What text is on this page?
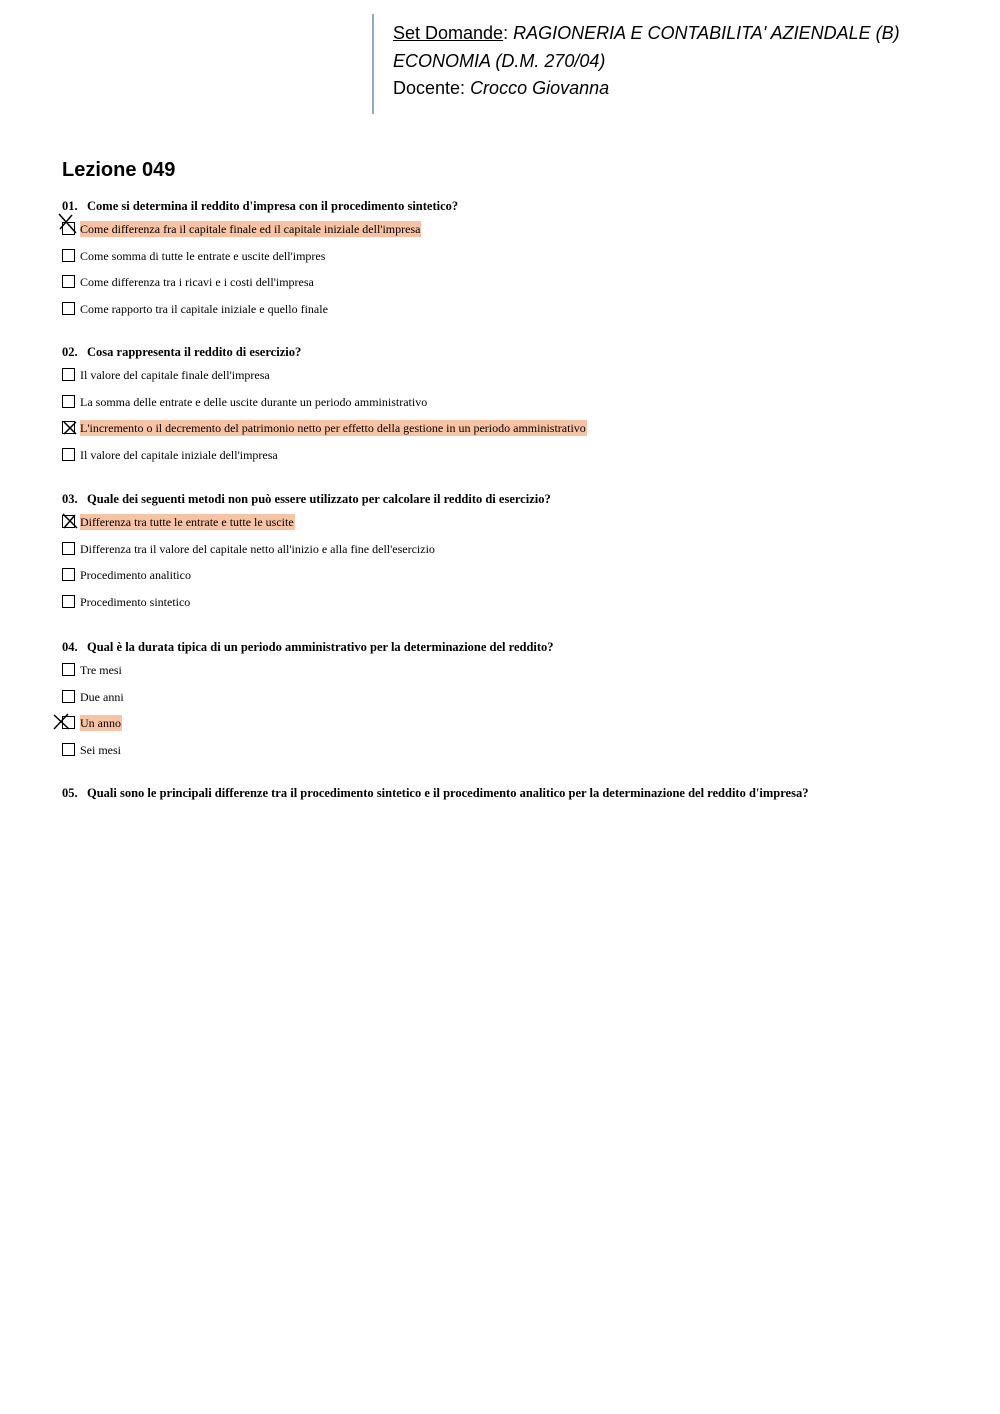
Set Domande: RAGIONERIA E CONTABILITA' AZIENDALE (B)
ECONOMIA (D.M. 270/04)
Docente: Crocco Giovanna
Lezione 049
01. Come si determina il reddito d'impresa con il procedimento sintetico?
Come differenza fra il capitale finale ed il capitale iniziale dell'impresa
Come somma di tutte le entrate e uscite dell'impres
Come differenza tra i ricavi e i costi dell'impresa
Come rapporto tra il capitale iniziale e quello finale
02. Cosa rappresenta il reddito di esercizio?
Il valore del capitale finale dell'impresa
La somma delle entrate e delle uscite durante un periodo amministrativo
L'incremento o il decremento del patrimonio netto per effetto della gestione in un periodo amministrativo
Il valore del capitale iniziale dell'impresa
03. Quale dei seguenti metodi non può essere utilizzato per calcolare il reddito di esercizio?
Differenza tra tutte le entrate e tutte le uscite
Differenza tra il valore del capitale netto all'inizio e alla fine dell'esercizio
Procedimento analitico
Procedimento sintetico
04. Qual è la durata tipica di un periodo amministrativo per la determinazione del reddito?
Tre mesi
Due anni
Un anno
Sei mesi
05. Quali sono le principali differenze tra il procedimento sintetico e il procedimento analitico per la determinazione del reddito d'impresa?
